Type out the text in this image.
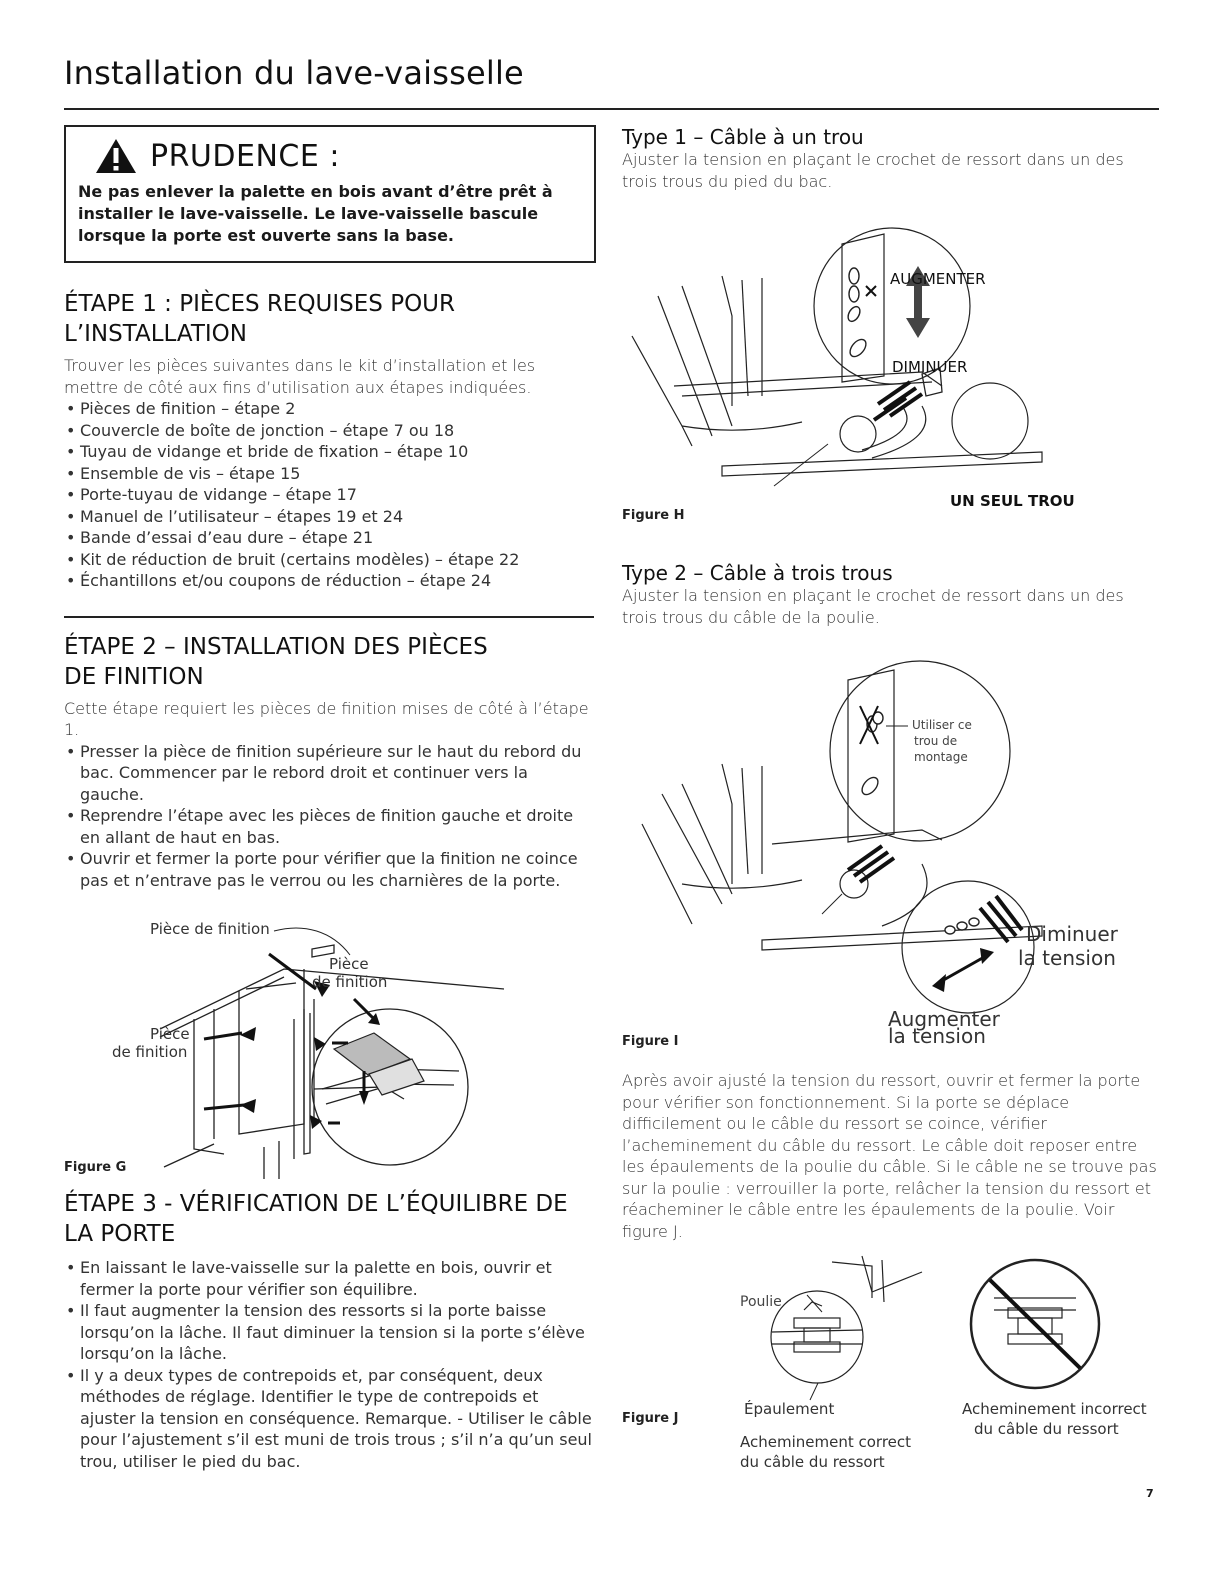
Installation du lave-vaisselle
PRUDENCE :
Ne pas enlever la palette en bois avant d’être prêt à installer le lave-vaisselle. Le lave-vaisselle bascule lorsque la porte est ouverte sans la base.
ÉTAPE 1 : PIÈCES REQUISES POUR
L’INSTALLATION
Trouver les pièces suivantes dans le kit d’installation et les mettre de côté aux fins d’utilisation aux étapes indiquées.
• Pièces de finition – étape 2
• Couvercle de boîte de jonction – étape 7 ou 18
• Tuyau de vidange et bride de fixation – étape 10
• Ensemble de vis – étape 15
• Porte-tuyau de vidange – étape 17
• Manuel de l’utilisateur – étapes 19 et 24
• Bande d’essai d’eau dure – étape 21
• Kit de réduction de bruit (certains modèles) – étape 22
• Échantillons et/ou coupons de réduction – étape 24
ÉTAPE 2 – INSTALLATION DES PIÈCES
DE FINITION
Cette étape requiert les pièces de finition mises de côté à l’étape 1.
• Presser la pièce de finition supérieure sur le haut du rebord du bac. Commencer par le rebord droit et continuer vers la gauche.
• Reprendre l’étape avec les pièces de finition gauche et droite en allant de haut en bas.
• Ouvrir et fermer la porte pour vérifier que la finition ne coince pas et n’entrave pas le verrou ou les charnières de la porte.
Pièce de finition
Pièce
de finition
Pièce
de finition
Figure G
ÉTAPE 3 - VÉRIFICATION DE L’ÉQUILIBRE DE
LA PORTE
• En laissant le lave-vaisselle sur la palette en bois, ouvrir et fermer la porte pour vérifier son équilibre.
• Il faut augmenter la tension des ressorts si la porte baisse lorsqu’on la lâche. Il faut diminuer la tension si la porte s’élève lorsqu’on la lâche.
• Il y a deux types de contrepoids et, par conséquent, deux méthodes de réglage. Identifier le type de contrepoids et ajuster la tension en conséquence. Remarque. - Utiliser le câble pour l’ajustement s’il est muni de trois trous ; s’il n’a qu’un seul trou, utiliser le pied du bac.
Type 1 – Câble à un trou
Ajuster la tension en plaçant le crochet de ressort dans un des trois trous du pied du bac.
AUGMENTER
DIMINUER
UN SEUL TROU
Figure H
Type 2 – Câble à trois trous
Ajuster la tension en plaçant le crochet de ressort dans un des trois trous du câble de la poulie.
Utiliser ce
trou de
montage
Diminuer
la tension
Augmenter
Figure I	la tension
Après avoir ajusté la tension du ressort, ouvrir et fermer la porte pour vérifier son fonctionnement. Si la porte se déplace difficilement ou le câble du ressort se coince, vérifier l’acheminement du câble du ressort. Le câble doit reposer entre les épaulements de la poulie du câble. Si le câble ne se trouve pas sur la poulie : verrouiller la porte, relâcher la tension du ressort et réacheminer le câble entre les épaulements de la poulie. Voir figure J.
Poulie
Épaulement
Figure J
Acheminement incorrect
du câble du ressort
Acheminement correct
du câble du ressort
7
